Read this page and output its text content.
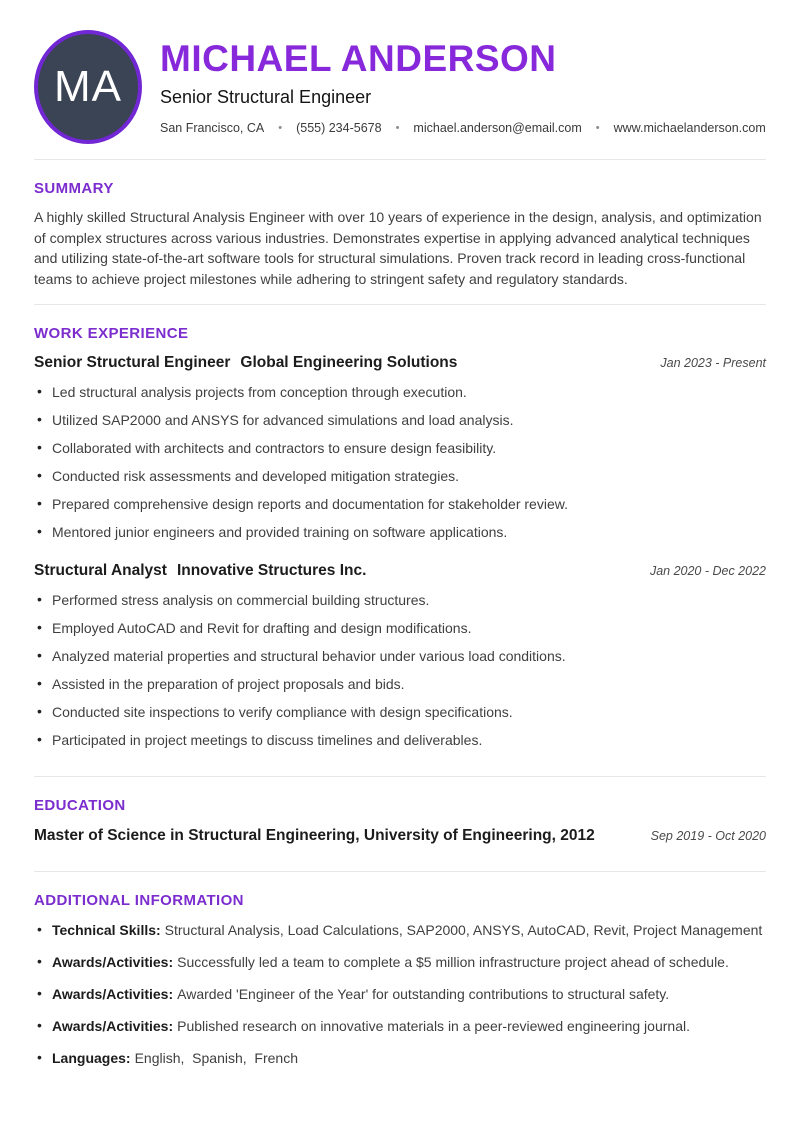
MA
MICHAEL ANDERSON
Senior Structural Engineer
San Francisco, CA • (555) 234-5678 • michael.anderson@email.com • www.michaelanderson.com
SUMMARY

A highly skilled Structural Analysis Engineer with over 10 years of experience in the design, analysis, and optimization of complex structures across various industries. Demonstrates expertise in applying advanced analytical techniques and utilizing state-of-the-art software tools for structural simulations. Proven track record in leading cross-functional teams to achieve project milestones while adhering to stringent safety and regulatory standards.

WORK EXPERIENCE
Senior Structural Engineer Global Engineering Solutions	Jan 2023 - Present
• Led structural analysis projects from conception through execution.
• Utilized SAP2000 and ANSYS for advanced simulations and load analysis.
• Collaborated with architects and contractors to ensure design feasibility.
• Conducted risk assessments and developed mitigation strategies.
• Prepared comprehensive design reports and documentation for stakeholder review.
• Mentored junior engineers and provided training on software applications.
Structural Analyst Innovative Structures Inc.	Jan 2020 - Dec 2022
• Performed stress analysis on commercial building structures.
• Employed AutoCAD and Revit for drafting and design modifications.
• Analyzed material properties and structural behavior under various load conditions.
• Assisted in the preparation of project proposals and bids.
• Conducted site inspections to verify compliance with design specifications.
• Participated in project meetings to discuss timelines and deliverables.
EDUCATION
Master of Science in Structural Engineering, University of Engineering, 2012	Sep 2019 - Oct 2020
ADDITIONAL INFORMATION
• Technical Skills: Structural Analysis, Load Calculations, SAP2000, ANSYS, AutoCAD, Revit, Project Management
• Awards/Activities: Successfully led a team to complete a $5 million infrastructure project ahead of schedule.
• Awards/Activities: Awarded 'Engineer of the Year' for outstanding contributions to structural safety.
• Awards/Activities: Published research on innovative materials in a peer-reviewed engineering journal.
• Languages: English,  Spanish,  French
